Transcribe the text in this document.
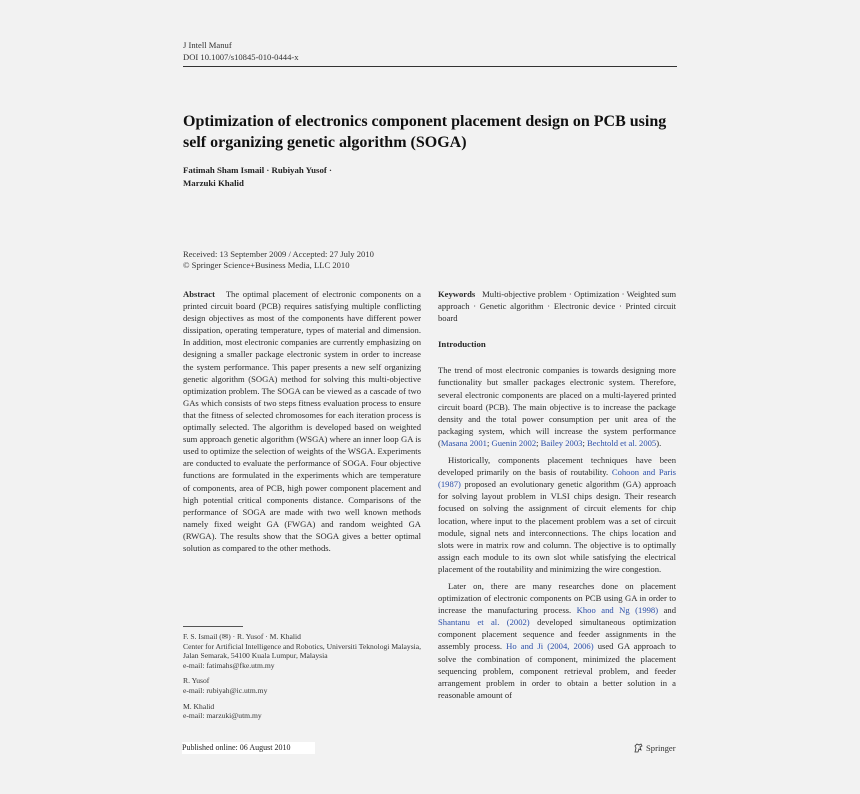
J Intell Manuf
DOI 10.1007/s10845-010-0444-x
Optimization of electronics component placement design on PCB using self organizing genetic algorithm (SOGA)
Fatimah Sham Ismail · Rubiyah Yusof ·
Marzuki Khalid
Received: 13 September 2009 / Accepted: 27 July 2010
© Springer Science+Business Media, LLC 2010
Abstract The optimal placement of electronic components on a printed circuit board (PCB) requires satisfying multiple conflicting design objectives as most of the components have different power dissipation, operating temperature, types of material and dimension. In addition, most electronic companies are currently emphasizing on designing a smaller package electronic system in order to increase the system performance. This paper presents a new self organizing genetic algorithm (SOGA) method for solving this multi-objective optimization problem. The SOGA can be viewed as a cascade of two GAs which consists of two steps fitness evaluation process to ensure that the fitness of selected chromosomes for each iteration process is optimally selected. The algorithm is developed based on weighted sum approach genetic algorithm (WSGA) where an inner loop GA is used to optimize the selection of weights of the WSGA. Experiments are conducted to evaluate the performance of SOGA. Four objective functions are formulated in the experiments which are temperature of components, area of PCB, high power component placement and high potential critical components distance. Comparisons of the performance of SOGA are made with two well known methods namely fixed weight GA (FWGA) and random weighted GA (RWGA). The results show that the SOGA gives a better optimal solution as compared to the other methods.
Keywords Multi-objective problem · Optimization · Weighted sum approach · Genetic algorithm · Electronic device · Printed circuit board
Introduction

The trend of most electronic companies is towards designing more functionality but smaller packages electronic system. Therefore, several electronic components are placed on a multi-layered printed circuit board (PCB). The main objective is to increase the package density and the total power consumption per unit area of the packaging system, which will increase the system performance (Masana 2001; Guenin 2002; Bailey 2003; Bechtold et al. 2005).

Historically, components placement techniques have been developed primarily on the basis of routability. Cohoon and Paris (1987) proposed an evolutionary genetic algorithm (GA) approach for solving layout problem in VLSI chips design. Their research focused on solving the assignment of circuit elements for chip location, where input to the placement problem was a set of circuit module, signal nets and interconnections. The chips location and slots were in matrix row and column. The objective is to optimally assign each module to its own slot while satisfying the electrical placement of the routability and minimizing the wire congestion.

Later on, there are many researches done on placement optimization of electronic components on PCB using GA in order to increase the manufacturing process. Khoo and Ng (1998) and Shantanu et al. (2002) developed simultaneous optimization component placement sequence and feeder assignments in the assembly process. Ho and Ji (2004, 2006) used GA approach to solve the combination of component, minimized the placement sequencing problem, component retrieval problem, and feeder arrangement problem in order to obtain a better solution in a reasonable amount of

F. S. Ismail (✉) · R. Yusof · M. Khalid
Center for Artificial Intelligence and Robotics, Universiti Teknologi Malaysia, Jalan Semarak, 54100 Kuala Lumpur, Malaysia
e-mail: fatimahs@fke.utm.my

R. Yusof
e-mail: rubiyah@ic.utm.my

M. Khalid
e-mail: marzuki@utm.my

Published online: 06 August 2010	Springer
